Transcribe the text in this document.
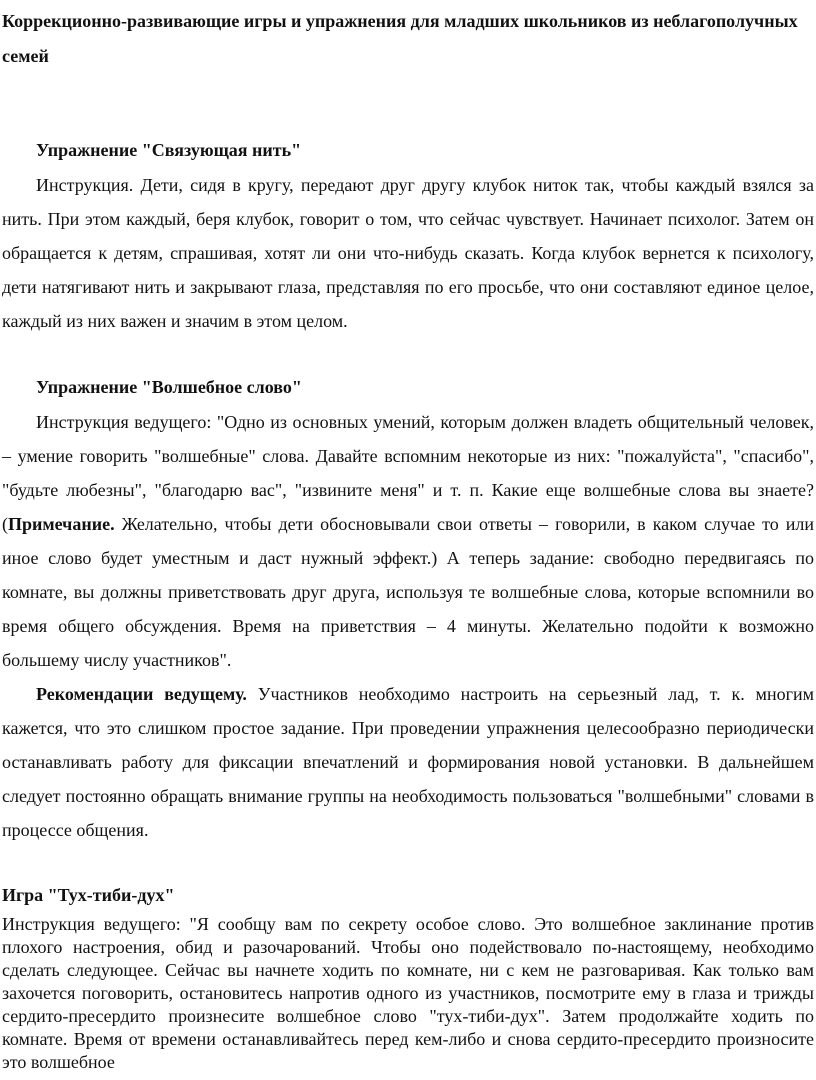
Коррекционно-развивающие игры и упражнения для младших школьников из неблагополучных семей
Упражнение "Связующая нить"
Инструкция. Дети, сидя в кругу, передают друг другу клубок ниток так, чтобы каждый взялся за нить. При этом каждый, беря клубок, говорит о том, что сейчас чувствует. Начинает психолог. Затем он обращается к детям, спрашивая, хотят ли они что-нибудь сказать. Когда клубок вернется к психологу, дети натягивают нить и закрывают глаза, представляя по его просьбе, что они составляют единое целое, каждый из них важен и значим в этом целом.
Упражнение "Волшебное слово"
Инструкция ведущего: "Одно из основных умений, которым должен владеть общительный человек, – умение говорить "волшебные" слова. Давайте вспомним некоторые из них: "пожалуйста", "спасибо", "будьте любезны", "благодарю вас", "извините меня" и т. п. Какие еще волшебные слова вы знаете? (Примечание. Желательно, чтобы дети обосновывали свои ответы – говорили, в каком случае то или иное слово будет уместным и даст нужный эффект.) А теперь задание: свободно передвигаясь по комнате, вы должны приветствовать друг друга, используя те волшебные слова, которые вспомнили во время общего обсуждения. Время на приветствия – 4 минуты. Желательно подойти к возможно большему числу участников".
Рекомендации ведущему. Участников необходимо настроить на серьезный лад, т. к. многим кажется, что это слишком простое задание. При проведении упражнения целесообразно периодически останавливать работу для фиксации впечатлений и формирования новой установки. В дальнейшем следует постоянно обращать внимание группы на необходимость пользоваться "волшебными" словами в процессе общения.
Игра "Тух-тиби-дух"
Инструкция ведущего: "Я сообщу вам по секрету особое слово. Это волшебное заклинание против плохого настроения, обид и разочарований. Чтобы оно подействовало по-настоящему, необходимо сделать следующее. Сейчас вы начнете ходить по комнате, ни с кем не разговаривая. Как только вам захочется поговорить, остановитесь напротив одного из участников, посмотрите ему в глаза и трижды сердито-пресердито произнесите волшебное слово "тух-тиби-дух". Затем продолжайте ходить по комнате. Время от времени останавливайтесь перед кем-либо и снова сердито-пресердито произносите это волшебное
